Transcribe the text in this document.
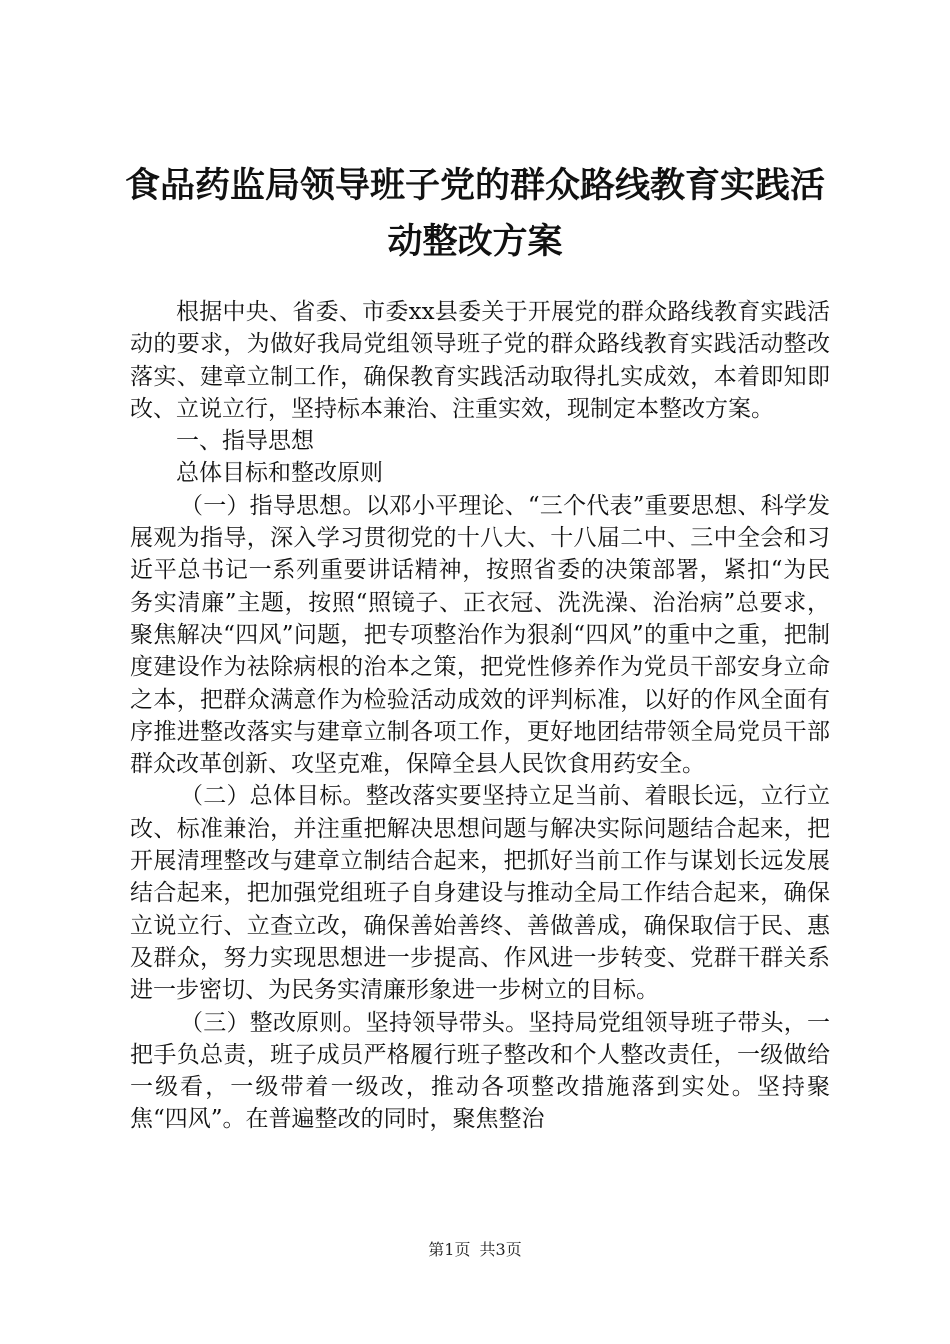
食品药监局领导班子党的群众路线教育实践活动整改方案

根据中央、省委、市委xx县委关于开展党的群众路线教育实践活动的要求，为做好我局党组领导班子党的群众路线教育实践活动整改落实、建章立制工作，确保教育实践活动取得扎实成效，本着即知即改、立说立行，坚持标本兼治、注重实效，现制定本整改方案。

一、指导思想

总体目标和整改原则

（一）指导思想。以邓小平理论、“三个代表”重要思想、科学发展观为指导，深入学习贯彻党的十八大、十八届二中、三中全会和习近平总书记一系列重要讲话精神，按照省委的决策部署，紧扣“为民务实清廉”主题，按照“照镜子、正衣冠、洗洗澡、治治病”总要求，聚焦解决“四风”问题，把专项整治作为狠刹“四风”的重中之重，把制度建设作为祛除病根的治本之策，把党性修养作为党员干部安身立命之本，把群众满意作为检验活动成效的评判标准，以好的作风全面有序推进整改落实与建章立制各项工作，更好地团结带领全局党员干部群众改革创新、攻坚克难，保障全县人民饮食用药安全。

（二）总体目标。整改落实要坚持立足当前、着眼长远，立行立改、标准兼治，并注重把解决思想问题与解决实际问题结合起来，把开展清理整改与建章立制结合起来，把抓好当前工作与谋划长远发展结合起来，把加强党组班子自身建设与推动全局工作结合起来，确保立说立行、立查立改，确保善始善终、善做善成，确保取信于民、惠及群众，努力实现思想进一步提高、作风进一步转变、党群干群关系进一步密切、为民务实清廉形象进一步树立的目标。

（三）整改原则。坚持领导带头。坚持局党组领导班子带头，一把手负总责，班子成员严格履行班子整改和个人整改责任，一级做给一级看，一级带着一级改，推动各项整改措施落到实处。坚持聚焦“四风”。在普遍整改的同时，聚焦整治

第1页 共3页
